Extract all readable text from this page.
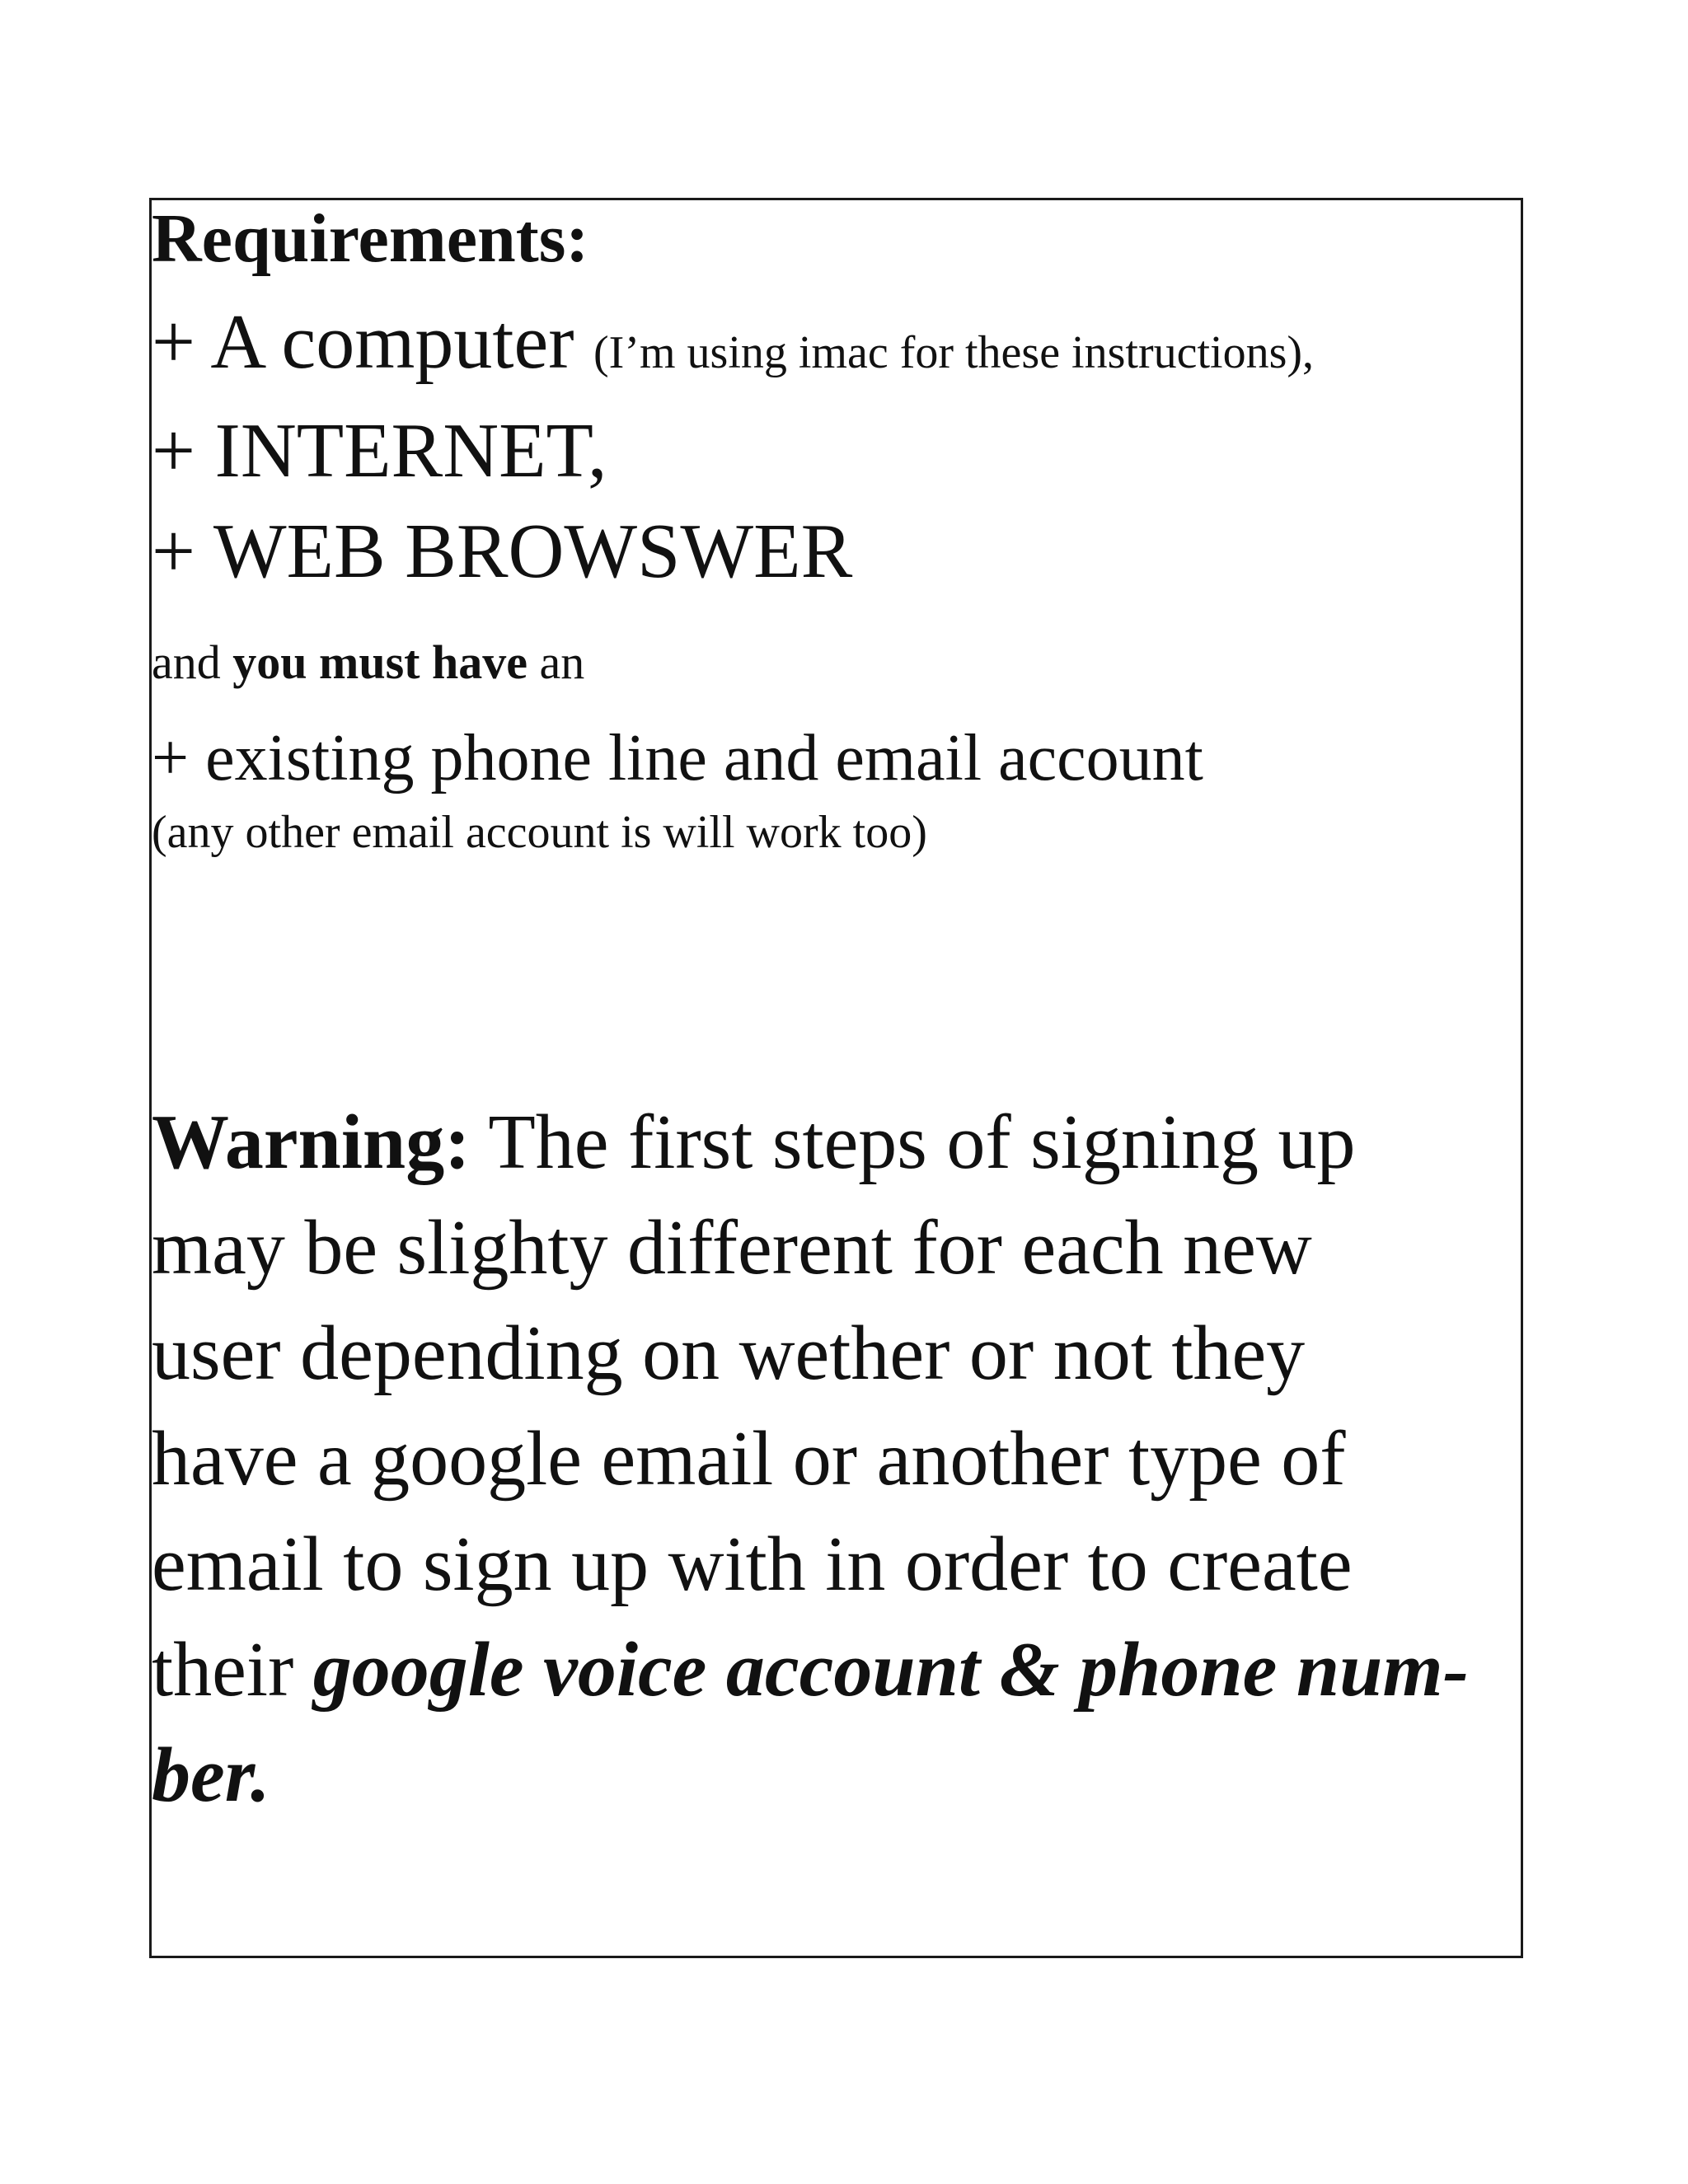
Requirements:
+ A computer (I’m using imac for these instructions),
+ INTERNET,
+ WEB BROWSWER
and you must have an
+ existing phone line and email account
(any other email account is will work too)
Warning: The first steps of signing up
may be slighty different for each new
user depending on wether or not they
have a google email or another type of
email to sign up with in order to create
their google voice account & phone num-
ber.
